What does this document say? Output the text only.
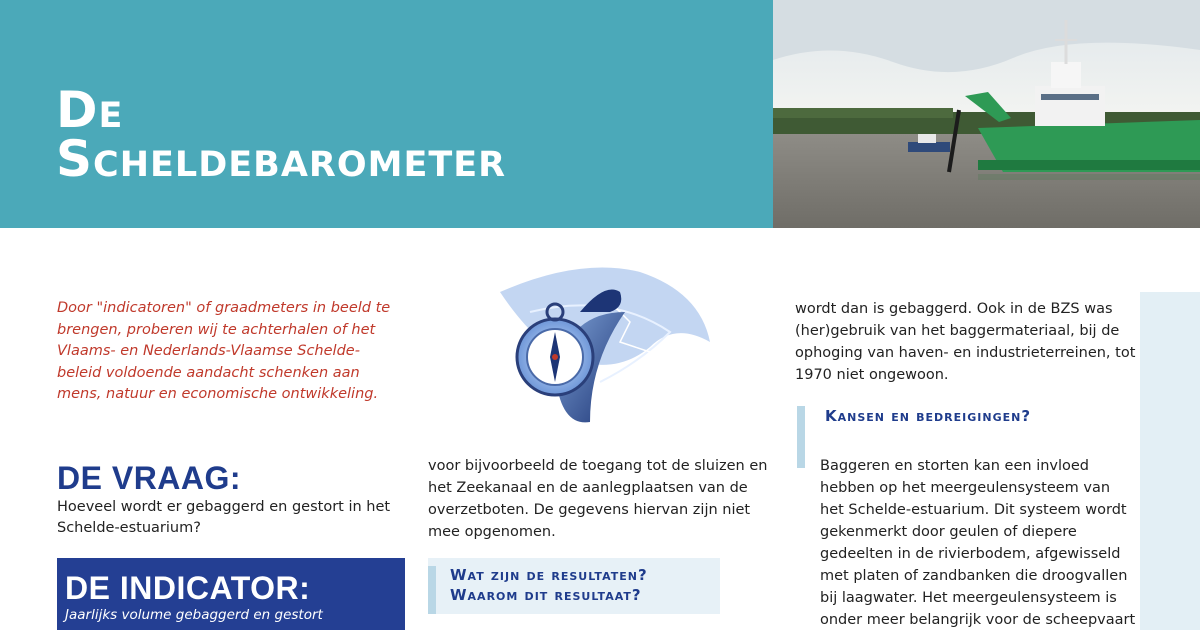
De
Scheldebarometer

Door "indicatoren" of graadmeters in beeld te brengen, proberen wij te achterhalen of het Vlaams- en Nederlands-Vlaamse Schelde-beleid voldoende aandacht schenken aan mens, natuur en economische ontwikkeling.

DE VRAAG:

Hoeveel wordt er gebaggerd en gestort in het Schelde-estuarium?

DE INDICATOR:
Jaarlijks volume gebaggerd en gestort

voor bijvoorbeeld de toegang tot de sluizen en het Zeekanaal en de aanlegplaatsen van de overzetboten. De gegevens hiervan zijn niet mee opgenomen.

Wat zijn de resultaten?
Waarom dit resultaat?

wordt dan is gebaggerd. Ook in de BZS was (her)gebruik van het baggermateriaal, bij de ophoging van haven- en industrieterreinen, tot 1970 niet ongewoon.

Kansen en bedreigingen?

Baggeren en storten kan een invloed hebben op het meergeulensysteem van het Schelde-estuarium. Dit systeem wordt gekenmerkt door geulen of diepere gedeelten in de rivierbodem, afgewisseld met platen of zandbanken die droogvallen bij laagwater. Het meergeulensysteem is onder meer belangrijk voor de scheepvaart
